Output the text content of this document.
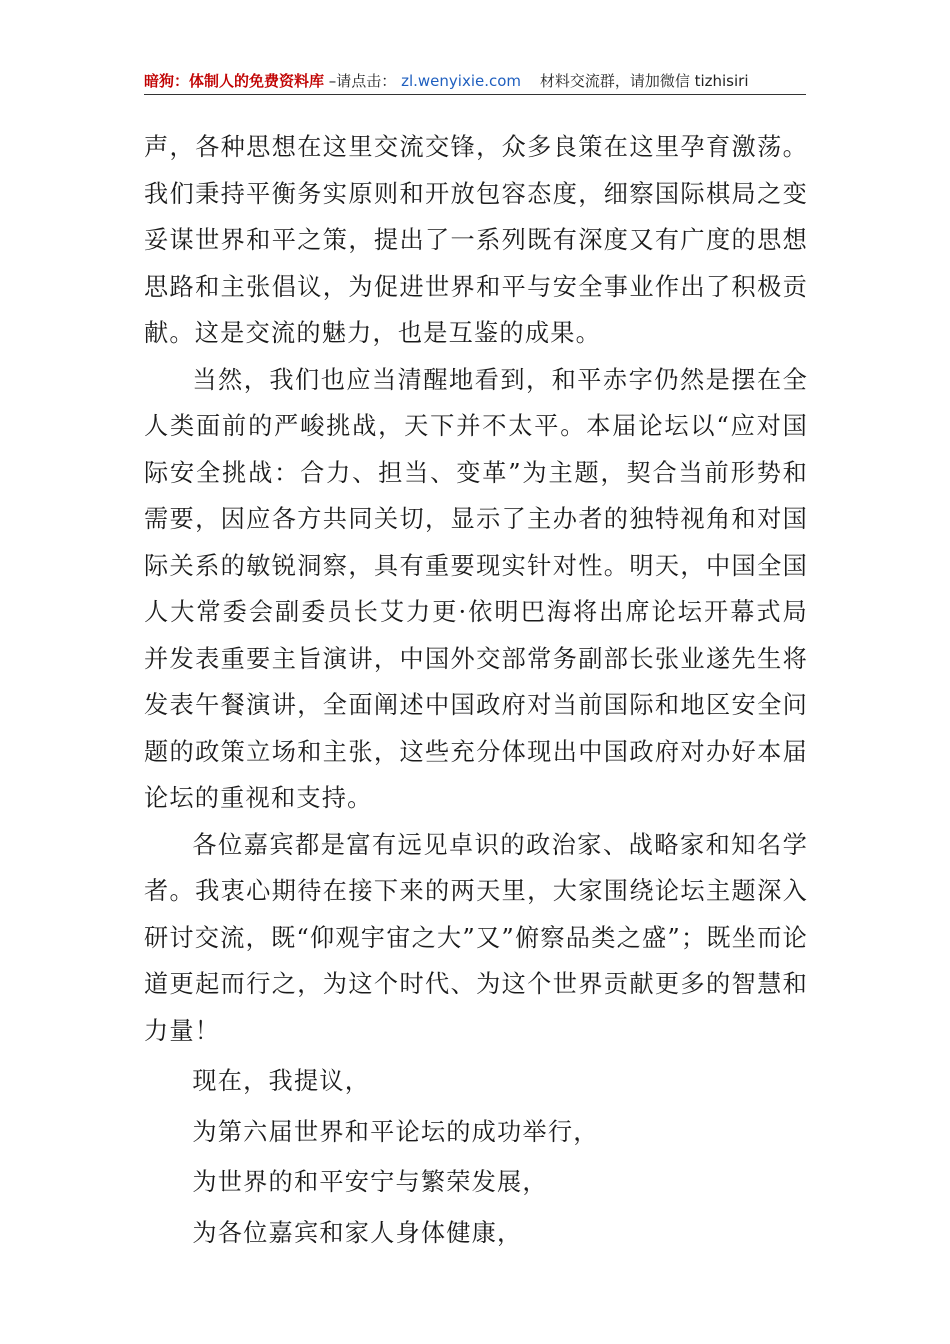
暗狗：体制人的免费资料库 –请点击： zl.wenyixie.com 材料交流群，请加微信 tizhisiri

声，各种思想在这里交流交锋，众多良策在这里孕育激荡。我们秉持平衡务实原则和开放包容态度，细察国际棋局之变妥谋世界和平之策，提出了一系列既有深度又有广度的思想思路和主张倡议，为促进世界和平与安全事业作出了积极贡献。这是交流的魅力，也是互鉴的成果。

当然，我们也应当清醒地看到，和平赤字仍然是摆在全人类面前的严峻挑战，天下并不太平。本届论坛以“应对国际安全挑战：合力、担当、变革”为主题，契合当前形势和需要，因应各方共同关切，显示了主办者的独特视角和对国际关系的敏锐洞察，具有重要现实针对性。明天，中国全国人大常委会副委员长艾力更·依明巴海将出席论坛开幕式局并发表重要主旨演讲，中国外交部常务副部长张业遂先生将发表午餐演讲，全面阐述中国政府对当前国际和地区安全问题的政策立场和主张，这些充分体现出中国政府对办好本届论坛的重视和支持。

各位嘉宾都是富有远见卓识的政治家、战略家和知名学者。我衷心期待在接下来的两天里，大家围绕论坛主题深入研讨交流，既“仰观宇宙之大”又”俯察品类之盛”；既坐而论道更起而行之，为这个时代、为这个世界贡献更多的智慧和力量！

现在，我提议，

为第六届世界和平论坛的成功举行，

为世界的和平安宁与繁荣发展，

为各位嘉宾和家人身体健康，
